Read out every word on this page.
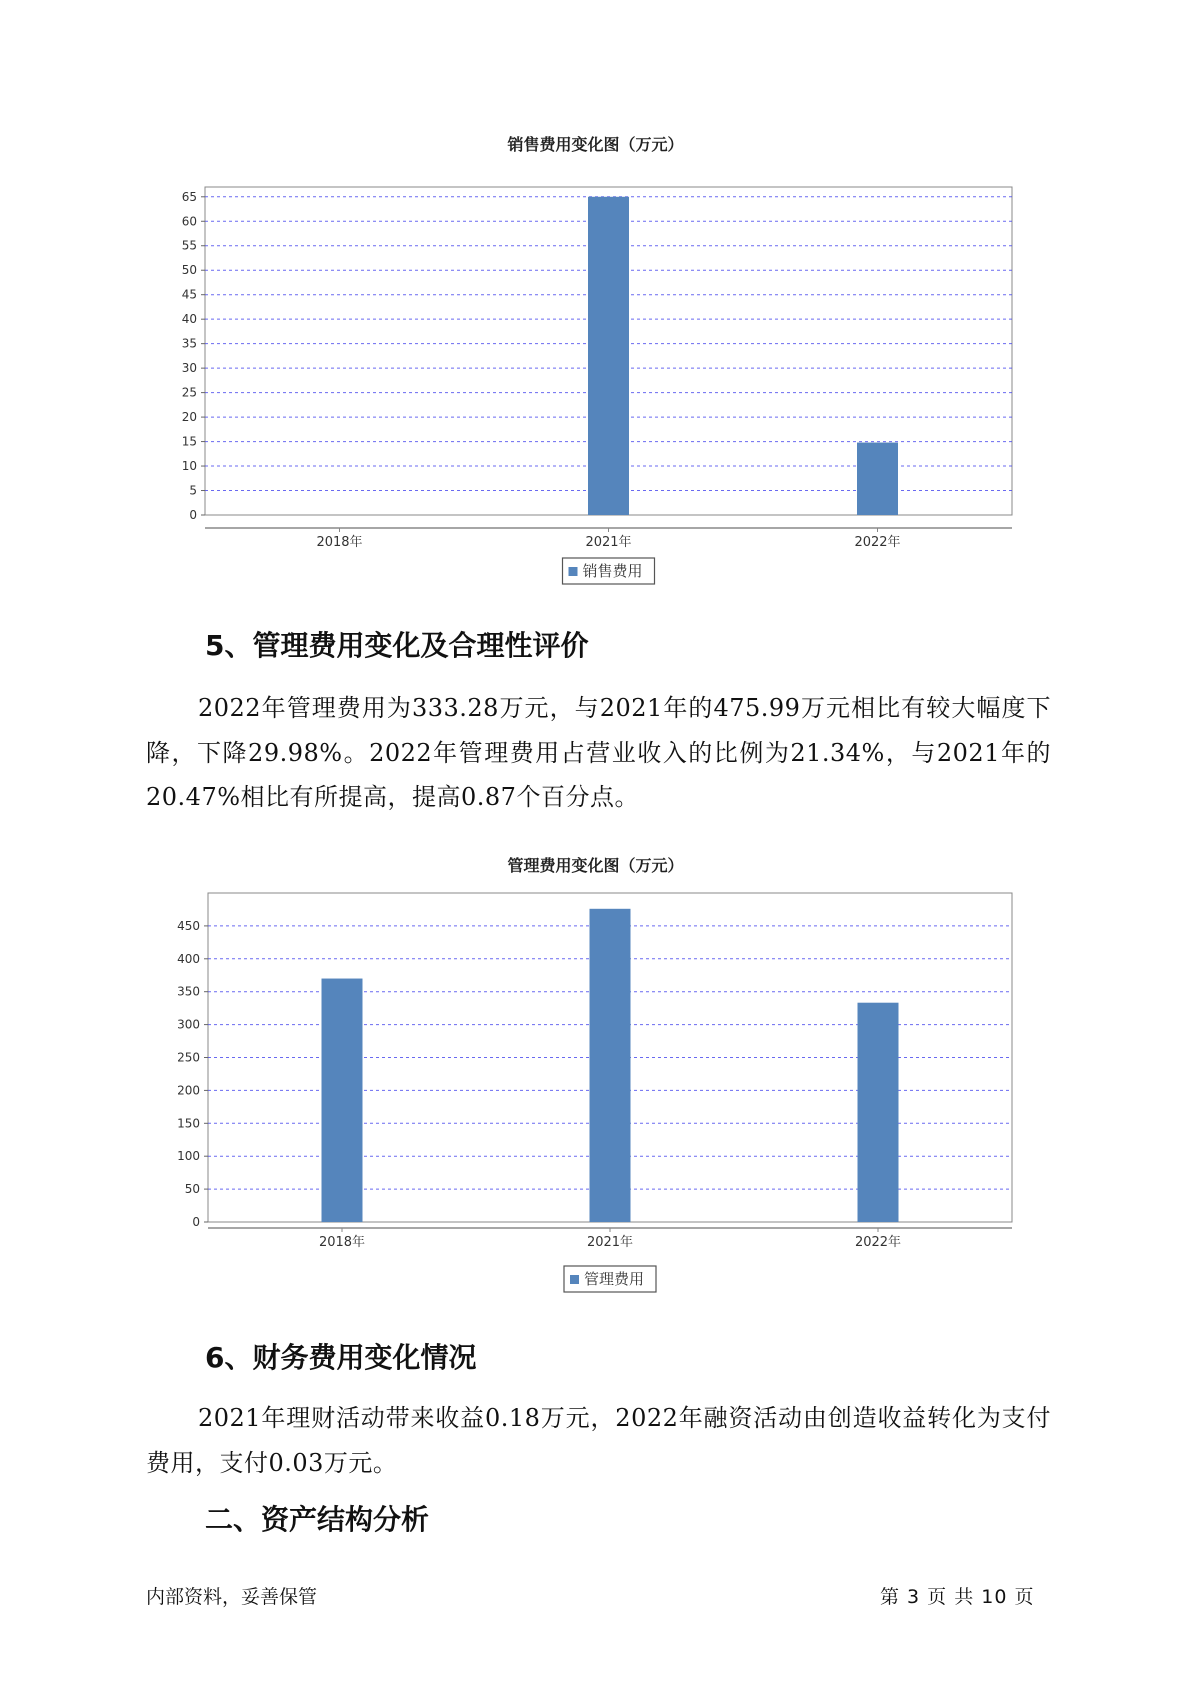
销售费用变化图（万元）
0
5
10
15
20
25
30
35
40
45
50
55
60
65
2018年	2021年	2022年
销售费用
5、管理费用变化及合理性评价

2022年管理费用为333.28万元，与2021年的475.99万元相比有较大幅度下降，下降29.98%。2022年管理费用占营业收入的比例为21.34%，与2021年的20.47%相比有所提高，提高0.87个百分点。

管理费用变化图（万元）
0
50
100
150
200
250
300
350
400
450
2018年	2021年	2022年
管理费用
6、财务费用变化情况

2021年理财活动带来收益0.18万元，2022年融资活动由创造收益转化为支付费用，支付0.03万元。

二、资产结构分析
内部资料，妥善保管	第 3 页 共 10 页
